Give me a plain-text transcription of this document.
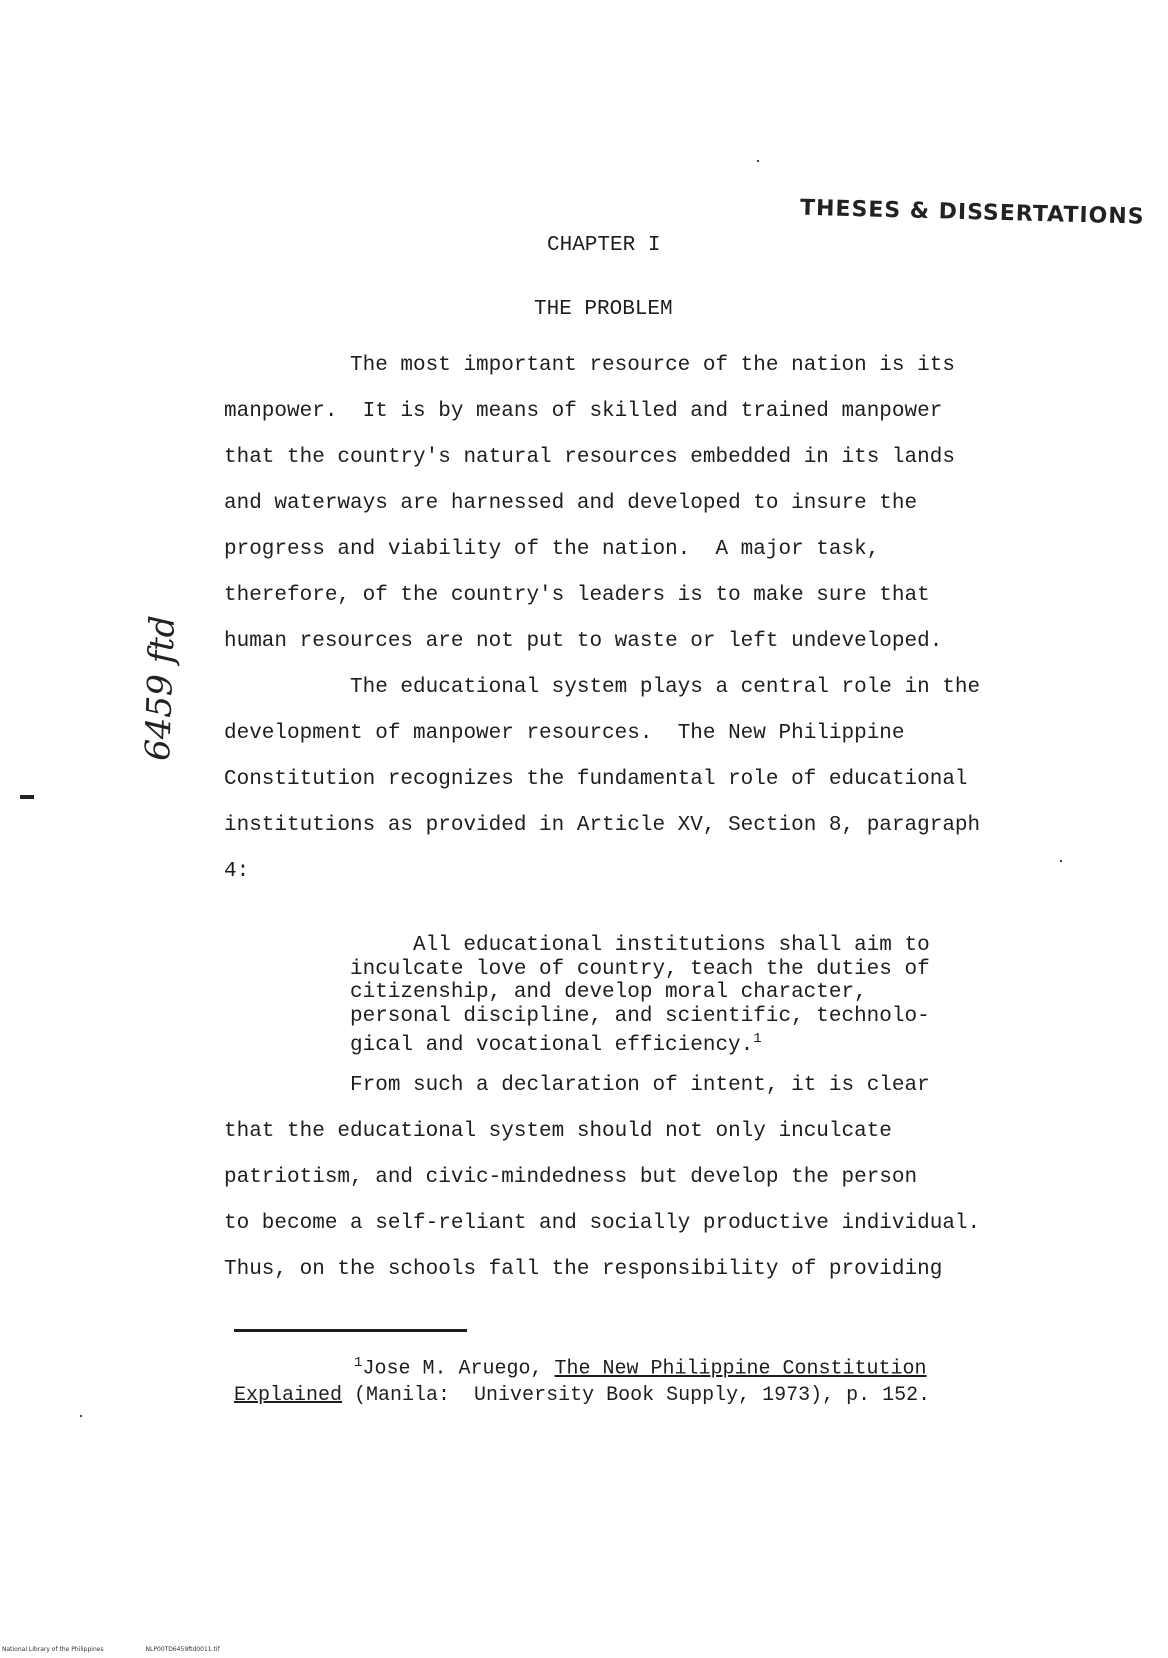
THESES & DISSERTATIONS
CHAPTER I
THE PROBLEM
The most important resource of the nation is its
manpower.  It is by means of skilled and trained manpower
that the country's natural resources embedded in its lands
and waterways are harnessed and developed to insure the
progress and viability of the nation.  A major task,
therefore, of the country's leaders is to make sure that
human resources are not put to waste or left undeveloped.
The educational system plays a central role in the
development of manpower resources.  The New Philippine
Constitution recognizes the fundamental role of educational
institutions as provided in Article XV, Section 8, paragraph
4:
All educational institutions shall aim to
inculcate love of country, teach the duties of
citizenship, and develop moral character,
personal discipline, and scientific, technolo-
gical and vocational efficiency.$^1$
From such a declaration of intent, it is clear
that the educational system should not only inculcate
patriotism, and civic-mindedness but develop the person
to become a self-reliant and socially productive individual.
Thus, on the schools fall the responsibility of providing
$^1$Jose M. Aruego, The New Philippine Constitution
Explained (Manila:  University Book Supply, 1973), p. 152.
6459 ftd
National Library of the Philippines	NLP00TD6459ftd0011.tif
